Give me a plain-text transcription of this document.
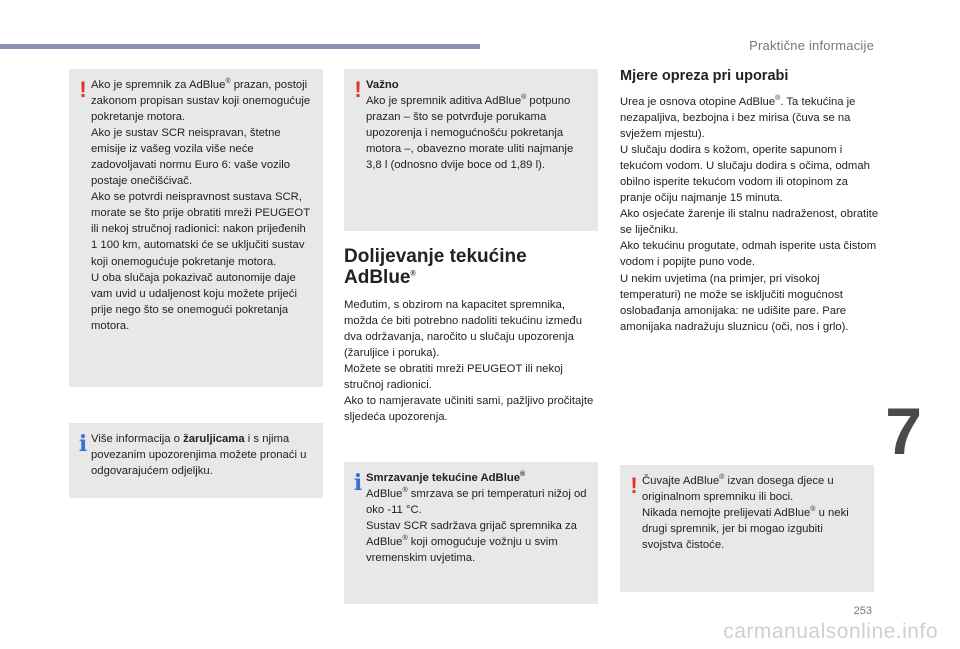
Praktične informacije
! Ako je spremnik za AdBlue® prazan, postoji zakonom propisan sustav koji onemogućuje pokretanje motora.
Ako je sustav SCR neispravan, štetne emisije iz vašeg vozila više neće zadovoljavati normu Euro 6: vaše vozilo postaje onečišćivač.
Ako se potvrdi neispravnost sustava SCR, morate se što prije obratiti mreži PEUGEOT ili nekoj stručnoj radionici: nakon prijeđenih 1 100 km, automatski će se uključiti sustav koji onemogućuje pokretanje motora.
U oba slučaja pokazivač autonomije daje vam uvid u udaljenost koju možete prijeći prije nego što se onemogući pokretanja motora.
i Više informacija o žaruljicama i s njima povezanim upozorenjima možete pronaći u odgovarajućem odjeljku.
! Važno
Ako je spremnik aditiva AdBlue® potpuno prazan – što se potvrđuje porukama upozorenja i nemogućnošću pokretanja motora –, obavezno morate uliti najmanje 3,8 l (odnosno dvije boce od 1,89 l).
Dolijevanje tekućine AdBlue®
Međutim, s obzirom na kapacitet spremnika, možda će biti potrebno nadoliti tekućinu između dva održavanja, naročito u slučaju upozorenja (žaruljice i poruka).
Možete se obratiti mreži PEUGEOT ili nekoj stručnoj radionici.
Ako to namjeravate učiniti sami, pažljivo pročitajte sljedeća upozorenja.
i Smrzavanje tekućine AdBlue®
AdBlue® smrzava se pri temperaturi nižoj od oko -11 °C.
Sustav SCR sadržava grijač spremnika za AdBlue® koji omogućuje vožnju u svim vremenskim uvjetima.
Mjere opreza pri uporabi
Urea je osnova otopine AdBlue®. Ta tekućina je nezapaljiva, bezbojna i bez mirisa (čuva se na svježem mjestu).
U slučaju dodira s kožom, operite sapunom i tekućom vodom. U slučaju dodira s očima, odmah obilno isperite tekućom vodom ili otopinom za pranje očiju najmanje 15 minuta.
Ako osjećate žarenje ili stalnu nadraženost, obratite se liječniku.
Ako tekućinu progutate, odmah isperite usta čistom vodom i popijte puno vode.
U nekim uvjetima (na primjer, pri visokoj temperaturi) ne može se isključiti mogućnost oslobađanja amonijaka: ne udišite pare. Pare amonijaka nadražuju sluznicu (oči, nos i grlo).
! Čuvajte AdBlue® izvan dosega djece u originalnom spremniku ili boci.
Nikada nemojte prelijevati AdBlue® u neki drugi spremnik, jer bi mogao izgubiti svojstva čistoće.
7
253
carmanualsonline.info
